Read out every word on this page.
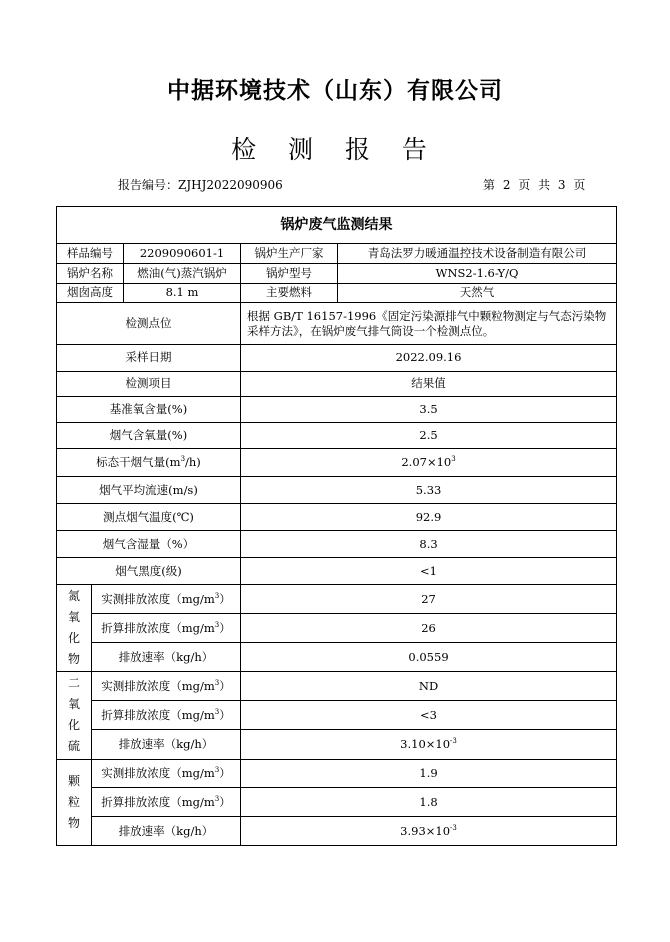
中据环境技术（山东）有限公司
检 测 报 告
报告编号：ZJHJ2022090906	第 2 页 共 3 页
锅炉废气监测结果				
样品编号		2209090601-1	锅炉生产厂家	青岛法罗力暖通温控技术设备制造有限公司
锅炉名称		燃油(气)蒸汽锅炉	锅炉型号	WNS2-1.6-Y/Q
烟囱高度		8.1 m	主要燃料	天然气
检测点位			根据 GB/T 16157-1996《固定污染源排气中颗粒物测定与气态污染物采样方法》，在锅炉废气排气筒设一个检测点位。	
采样日期			2022.09.16	
检测项目			结果值	
基准氧含量(%)			3.5	
烟气含氧量(%)			2.5	
标态干烟气量$(m^3/h)$			$2.07\times 10^3$
烟气平均流速(m/s)			5.33	
测点烟气温度(℃)			92.9	
烟气含湿量（%）			8.3	
烟气黑度(级)			<1	
氮氧化物	实测排放浓度$(mg/m^3)$		27	
	折算排放浓度$(mg/m^3)$		26	
	排放速率（kg/h）		0.0559	
二氧化硫	实测排放浓度$(mg/m^3)$		ND	
	折算排放浓度$(mg/m^3)$		<3	
	排放速率（kg/h）		$3.10\times 10^{-3}$
颗粒物	实测排放浓度$(mg/m^3)$		1.9	
	折算排放浓度$(mg/m^3)$		1.8	
	排放速率（kg/h）		$3.93\times 10^{-3}$
